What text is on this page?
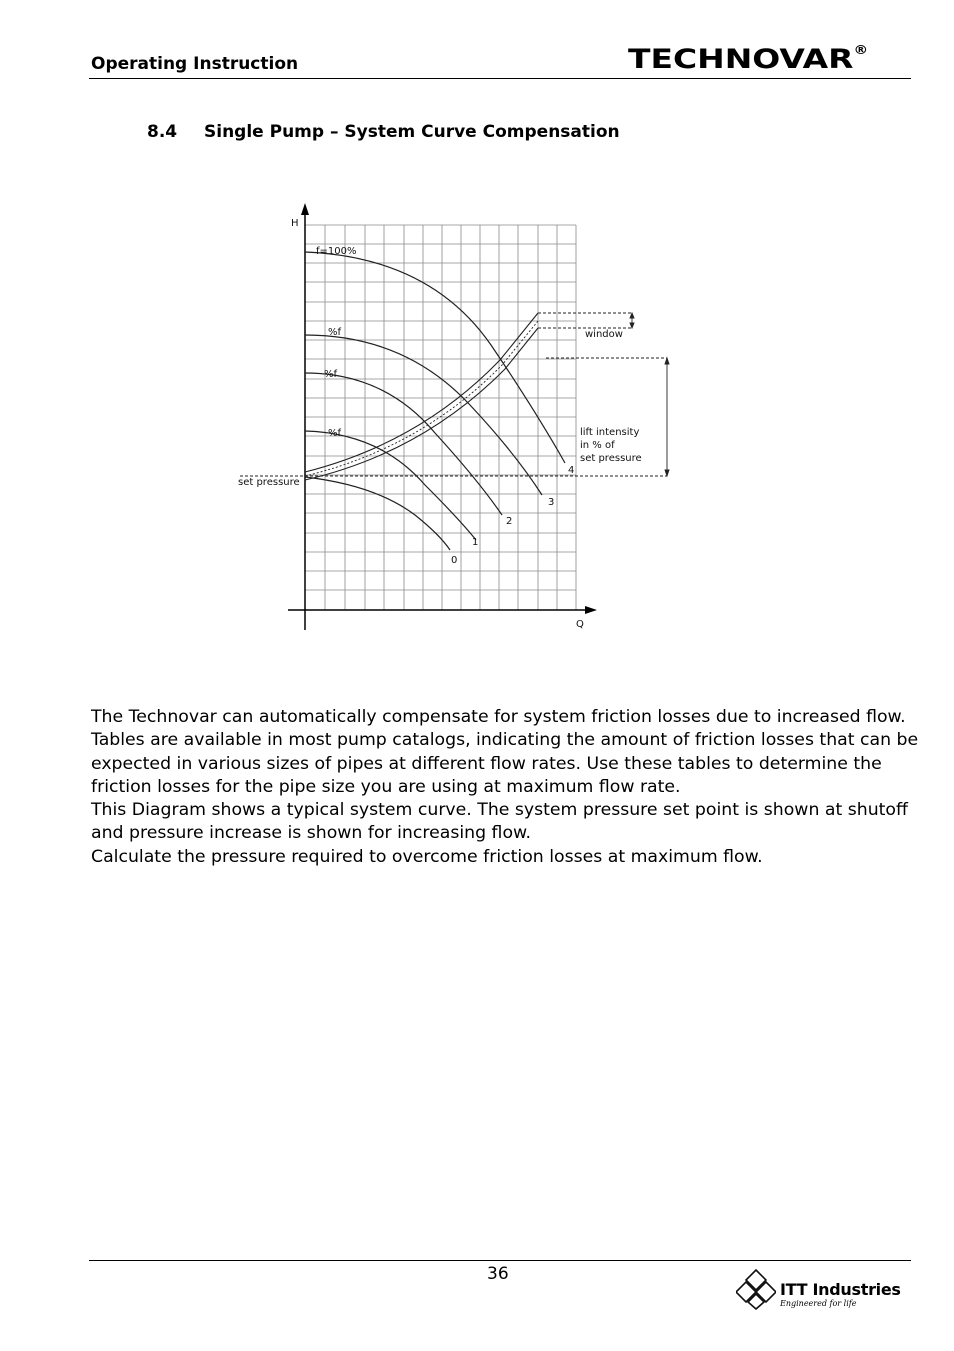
Operating Instruction	TECHNOVAR®
8.4 Single Pump – System Curve Compensation
H
Q
f=100%
%f
%f
%f
0
1
2
3
4
set pressure
window
lift intensity
in % of
set pressure

The Technovar can automatically compensate for system friction losses due to increased flow. Tables are available in most pump catalogs, indicating the amount of friction losses that can be expected in various sizes of pipes at different flow rates. Use these tables to determine the friction losses for the pipe size you are using at maximum flow rate.

This Diagram shows a typical system curve. The system pressure set point is shown at shutoff and pressure increase is shown for increasing flow.

Calculate the pressure required to overcome friction losses at maximum flow.

36
ITT Industries
Engineered for life
